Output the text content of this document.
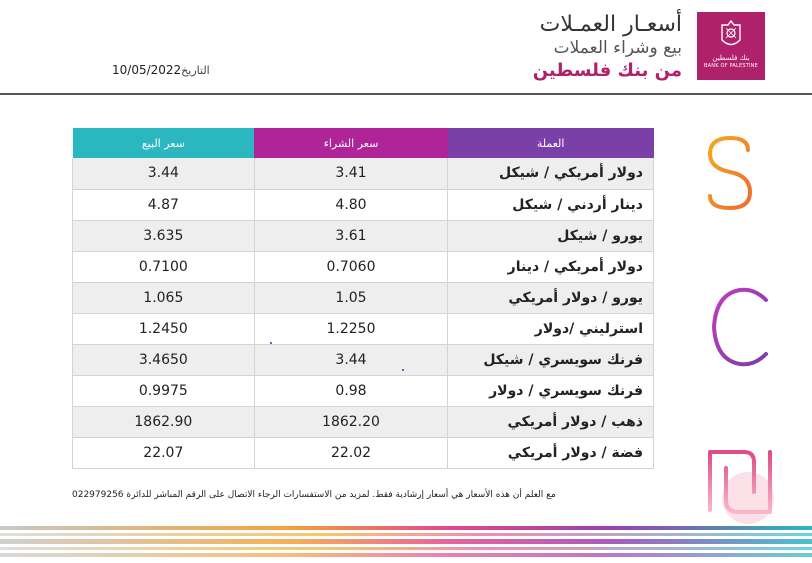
بنك فلسطين
BANK OF PALESTINE
أسعـار العمـلات
بيع وشراء العملات
من بنك فلسطين
10/05/2022التاريخ
سعر البيع	سعر الشراء	العملة
3.44	3.41	دولار أمريكي / شيكل
4.87	4.80	دينار أردني / شيكل
3.635	3.61	يورو / شيكل
0.7100	0.7060	دولار أمريكي / دينار
1.065	1.05	يورو / دولار أمريكي
1.2450	1.2250	استرليني /دولار
3.4650	3.44	فرنك سويسري / شيكل
0.9975	0.98	فرنك سويسري / دولار
1862.90	1862.20	ذهب / دولار أمريكي
22.07	22.02	فضة / دولار أمريكي
مع العلم أن هذه الأسعار هي أسعار إرشادية فقط. لمزيد من الاستفسارات الرجاء الاتصال على الرقم المباشر للدائرة 022979256
